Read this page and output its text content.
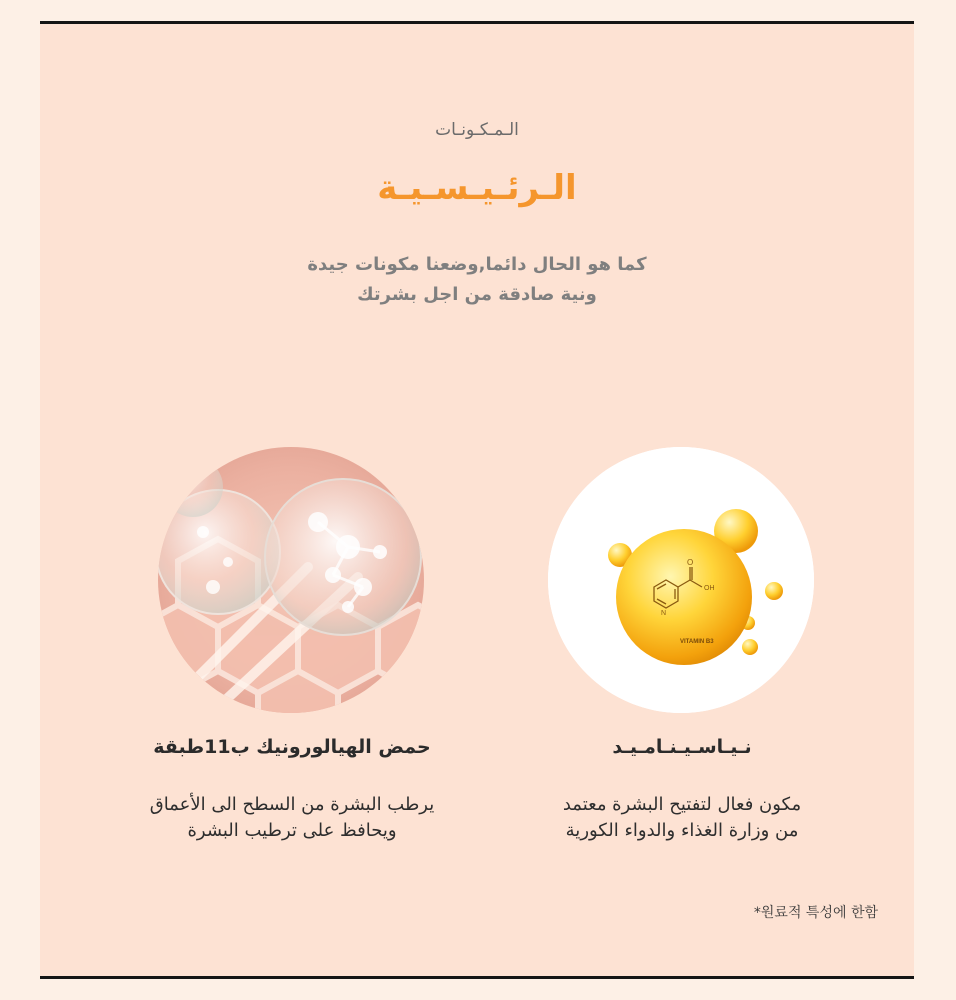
الـمـكـونـات
الـرئـيـسـيـة
كما هو الحال دائما,وضعنا مكونات جيدة
ونية صادقة من اجل بشرتك
O
OH
N
VITAMIN B3
حمض الهيالورونيك ب11طبقة	نـيـاسـيـنـامـيـد
يرطب البشرة من السطح الى الأعماق
ويحافظ على ترطيب البشرة
مكون فعال لتفتيح البشرة معتمد
من وزارة الغذاء والدواء الكورية
*원료적 특성에 한함
